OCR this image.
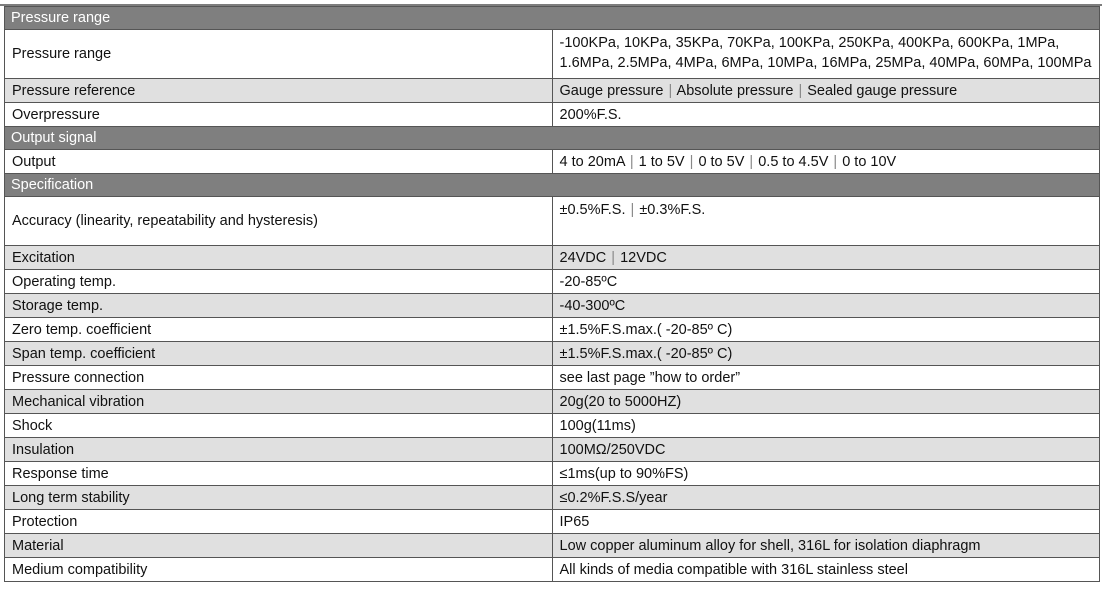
Pressure range	
Pressure range	-100KPa, 10KPa, 35KPa, 70KPa, 100KPa, 250KPa, 400KPa, 600KPa, 1MPa, 1.6MPa, 2.5MPa, 4MPa, 6MPa, 10MPa, 16MPa, 25MPa, 40MPa, 60MPa, 100MPa
Pressure reference	Gauge pressure | Absolute pressure | Sealed gauge pressure
Overpressure	200%F.S.
Output signal	
Output	4 to 20mA | 1 to 5V | 0 to 5V | 0.5 to 4.5V | 0 to 10V
Specification	
Accuracy (linearity, repeatability and hysteresis)	±0.5%F.S. | ±0.3%F.S.
Excitation	24VDC | 12VDC
Operating temp.	-20-85ºC
Storage temp.	-40-300ºC
Zero temp. coefficient	±1.5%F.S.max.( -20-85º C)
Span temp. coefficient	±1.5%F.S.max.( -20-85º C)
Pressure connection	see last page ”how to order”
Mechanical vibration	20g(20 to 5000HZ)
Shock	100g(11ms)
Insulation	100MΩ/250VDC
Response time	≤1ms(up to 90%FS)
Long term stability	≤0.2%F.S.S/year
Protection	IP65
Material	Low copper aluminum alloy for shell, 316L for isolation diaphragm
Medium compatibility	All kinds of media compatible with 316L stainless steel
